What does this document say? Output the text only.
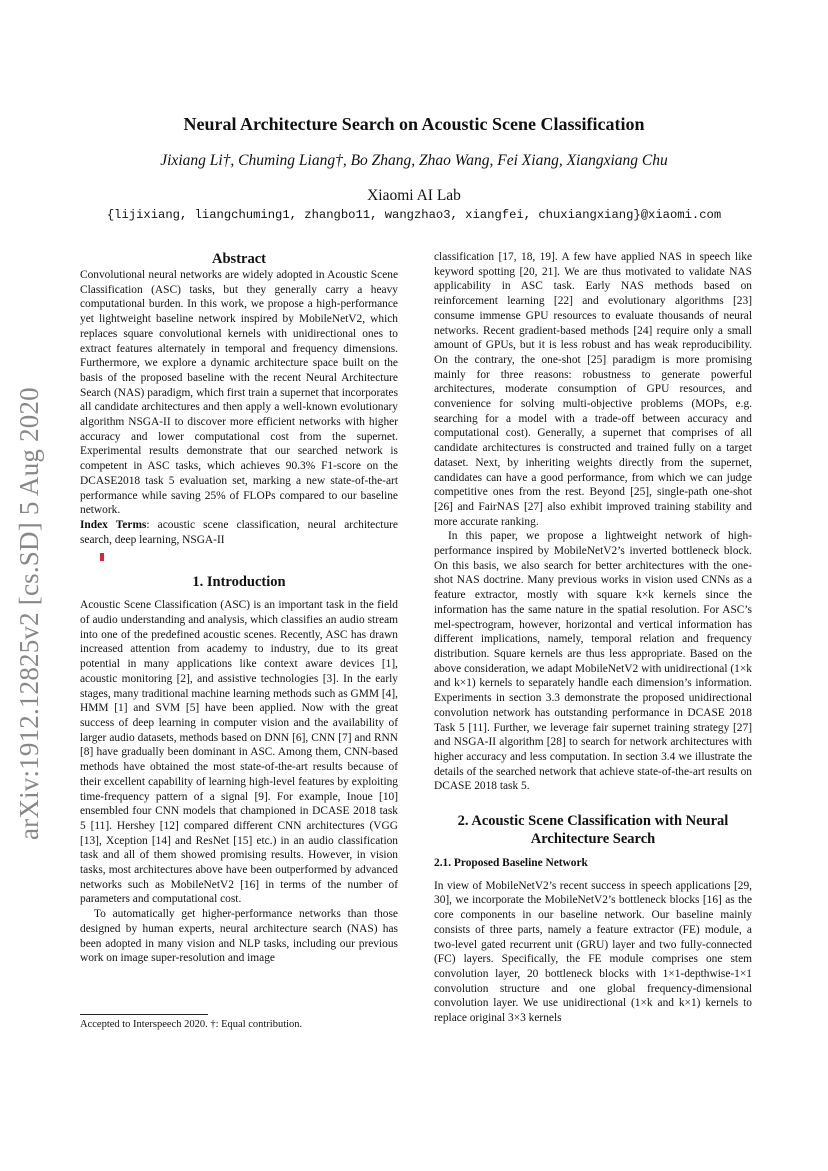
Neural Architecture Search on Acoustic Scene Classification
Jixiang Li†, Chuming Liang†, Bo Zhang, Zhao Wang, Fei Xiang, Xiangxiang Chu
Xiaomi AI Lab
{lijixiang, liangchuming1, zhangbo11, wangzhao3, xiangfei, chuxiangxiang}@xiaomi.com
arXiv:1912.12825v2 [cs.SD] 5 Aug 2020
Abstract

Convolutional neural networks are widely adopted in Acoustic Scene Classification (ASC) tasks, but they generally carry a heavy computational burden. In this work, we propose a high-performance yet lightweight baseline network inspired by MobileNetV2, which replaces square convolutional kernels with unidirectional ones to extract features alternately in temporal and frequency dimensions. Furthermore, we explore a dynamic architecture space built on the basis of the proposed baseline with the recent Neural Architecture Search (NAS) paradigm, which first train a supernet that incorporates all candidate architectures and then apply a well-known evolutionary algorithm NSGA-II to discover more efficient networks with higher accuracy and lower computational cost from the supernet. Experimental results demonstrate that our searched network is competent in ASC tasks, which achieves 90.3% F1-score on the DCASE2018 task 5 evaluation set, marking a new state-of-the-art performance while saving 25% of FLOPs compared to our baseline network.

Index Terms: acoustic scene classification, neural architecture search, deep learning, NSGA-II

1. Introduction

Acoustic Scene Classification (ASC) is an important task in the field of audio understanding and analysis, which classifies an audio stream into one of the predefined acoustic scenes. Recently, ASC has drawn increased attention from academy to industry, due to its great potential in many applications like context aware devices [1], acoustic monitoring [2], and assistive technologies [3]. In the early stages, many traditional machine learning methods such as GMM [4], HMM [1] and SVM [5] have been applied. Now with the great success of deep learning in computer vision and the availability of larger audio datasets, methods based on DNN [6], CNN [7] and RNN [8] have gradually been dominant in ASC. Among them, CNN-based methods have obtained the most state-of-the-art results because of their excellent capability of learning high-level features by exploiting time-frequency pattern of a signal [9]. For example, Inoue [10] ensembled four CNN models that championed in DCASE 2018 task 5 [11]. Hershey [12] compared different CNN architectures (VGG [13], Xception [14] and ResNet [15] etc.) in an audio classification task and all of them showed promising results. However, in vision tasks, most architectures above have been outperformed by advanced networks such as MobileNetV2 [16] in terms of the number of parameters and computational cost.

To automatically get higher-performance networks than those designed by human experts, neural architecture search (NAS) has been adopted in many vision and NLP tasks, including our previous work on image super-resolution and image

classification [17, 18, 19]. A few have applied NAS in speech like keyword spotting [20, 21]. We are thus motivated to validate NAS applicability in ASC task. Early NAS methods based on reinforcement learning [22] and evolutionary algorithms [23] consume immense GPU resources to evaluate thousands of neural networks. Recent gradient-based methods [24] require only a small amount of GPUs, but it is less robust and has weak reproducibility. On the contrary, the one-shot [25] paradigm is more promising mainly for three reasons: robustness to generate powerful architectures, moderate consumption of GPU resources, and convenience for solving multi-objective problems (MOPs, e.g. searching for a model with a trade-off between accuracy and computational cost). Generally, a supernet that comprises of all candidate architectures is constructed and trained fully on a target dataset. Next, by inheriting weights directly from the supernet, candidates can have a good performance, from which we can judge competitive ones from the rest. Beyond [25], single-path one-shot [26] and FairNAS [27] also exhibit improved training stability and more accurate ranking.

In this paper, we propose a lightweight network of high-performance inspired by MobileNetV2’s inverted bottleneck block. On this basis, we also search for better architectures with the one-shot NAS doctrine. Many previous works in vision used CNNs as a feature extractor, mostly with square k×k kernels since the information has the same nature in the spatial resolution. For ASC’s mel-spectrogram, however, horizontal and vertical information has different implications, namely, temporal relation and frequency distribution. Square kernels are thus less appropriate. Based on the above consideration, we adapt MobileNetV2 with unidirectional (1×k and k×1) kernels to separately handle each dimension’s information. Experiments in section 3.3 demonstrate the proposed unidirectional convolution network has outstanding performance in DCASE 2018 Task 5 [11]. Further, we leverage fair supernet training strategy [27] and NSGA-II algorithm [28] to search for network architectures with higher accuracy and less computation. In section 3.4 we illustrate the details of the searched network that achieve state-of-the-art results on DCASE 2018 task 5.

2. Acoustic Scene Classification with Neural Architecture Search
2.1. Proposed Baseline Network

In view of MobileNetV2’s recent success in speech applications [29, 30], we incorporate the MobileNetV2’s bottleneck blocks [16] as the core components in our baseline network. Our baseline mainly consists of three parts, namely a feature extractor (FE) module, a two-level gated recurrent unit (GRU) layer and two fully-connected (FC) layers. Specifically, the FE module comprises one stem convolution layer, 20 bottleneck blocks with 1×1-depthwise-1×1 convolution structure and one global frequency-dimensional convolution layer. We use unidirectional (1×k and k×1) kernels to replace original 3×3 kernels

Accepted to Interspeech 2020. †: Equal contribution.
